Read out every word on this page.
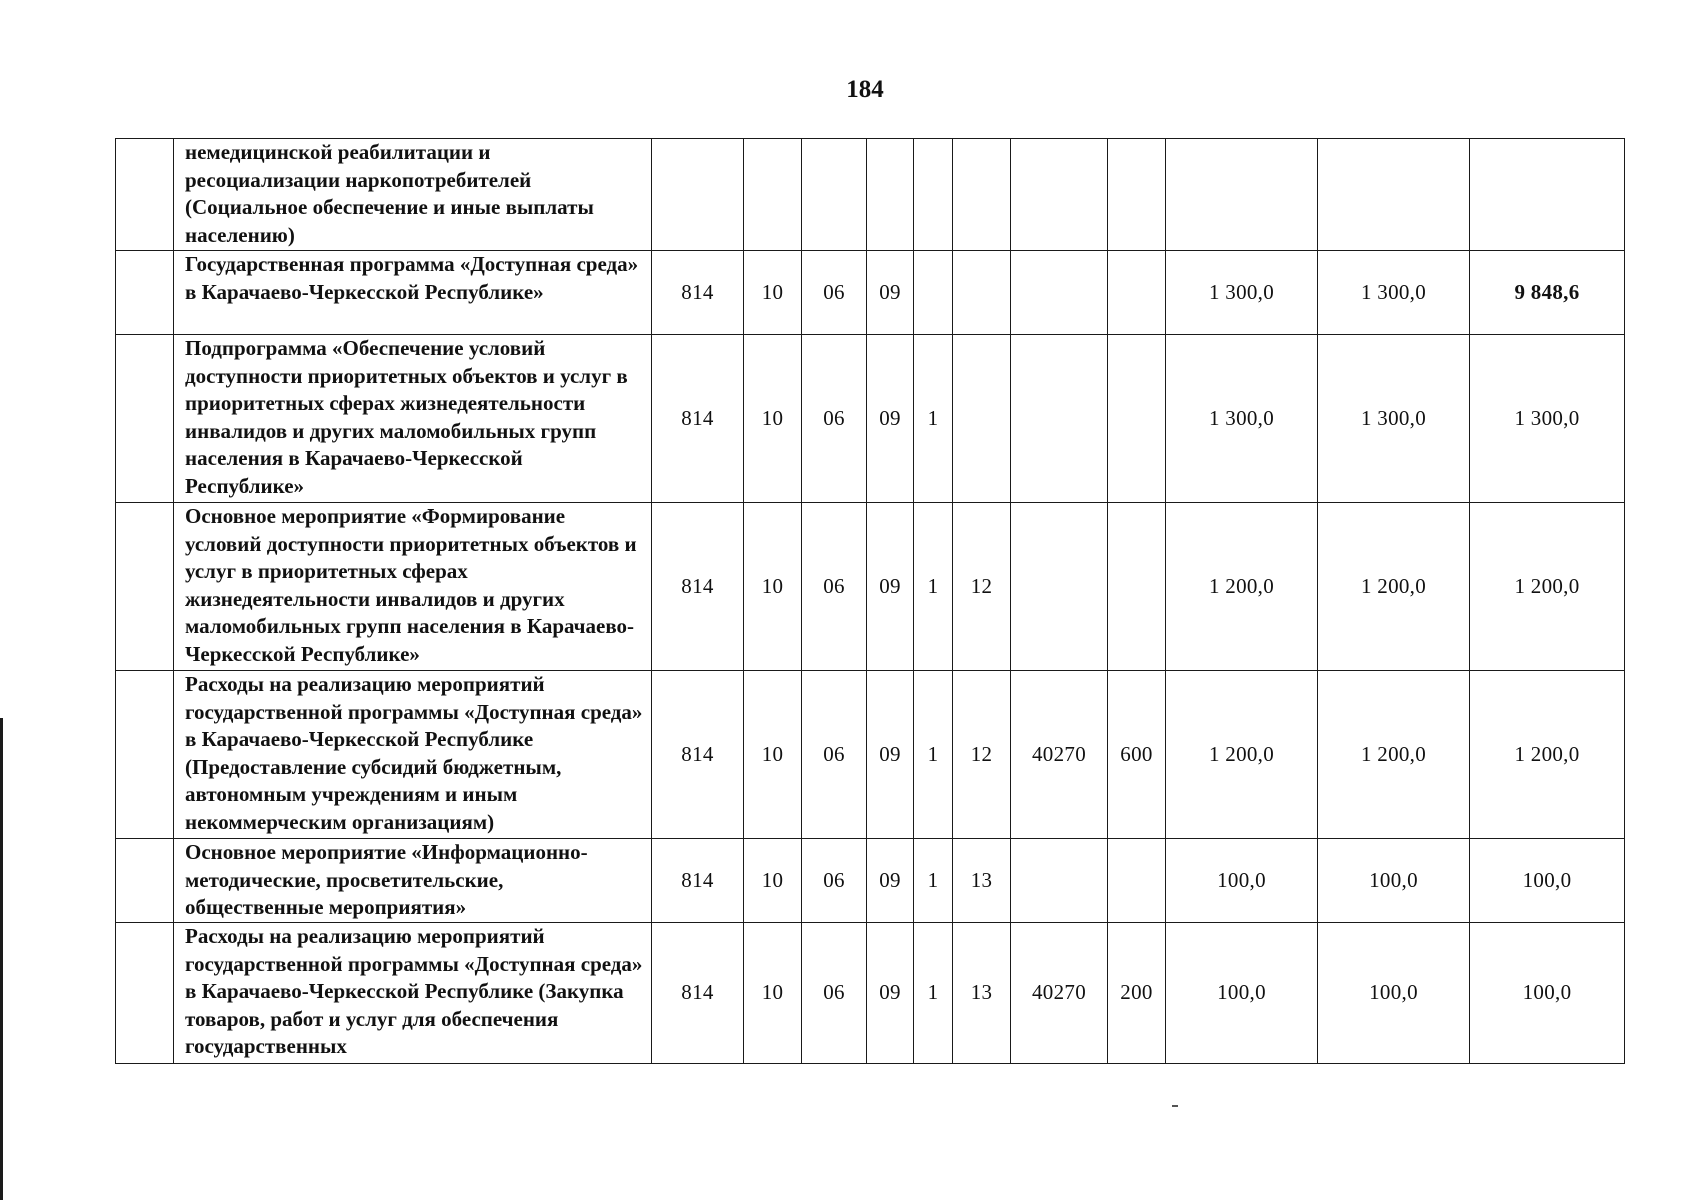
184
	немедицинской реабилитации и ресоциализации наркопотребителей (Социальное обеспечение и иные выплаты населению)											
	Государственная программа «Доступная среда» в Карачаево-Черкесской Республике»	814	10	06	09					1 300,0	1 300,0	9 848,6
	Подпрограмма «Обеспечение условий доступности приоритетных объектов и услуг в приоритетных сферах жизнедеятельности инвалидов и других маломобильных групп населения в Карачаево-Черкесской Республике»	814	10	06	09	1				1 300,0	1 300,0	1 300,0
	Основное мероприятие «Формирование условий доступности приоритетных объектов и услуг в приоритетных сферах жизнедеятельности инвалидов и других маломобильных групп населения в Карачаево-Черкесской Республике»	814	10	06	09	1	12			1 200,0	1 200,0	1 200,0
	Расходы на реализацию мероприятий государственной программы «Доступная среда» в Карачаево-Черкесской Республике (Предоставление субсидий бюджетным, автономным учреждениям и иным некоммерческим организациям)	814	10	06	09	1	12	40270	600	1 200,0	1 200,0	1 200,0
	Основное мероприятие «Информационно-методические, просветительские, общественные мероприятия»	814	10	06	09	1	13			100,0	100,0	100,0
	Расходы на реализацию мероприятий государственной программы «Доступная среда» в Карачаево-Черкесской Республике (Закупка товаров, работ и услуг для обеспечения государственных	814	10	06	09	1	13	40270	200	100,0	100,0	100,0
